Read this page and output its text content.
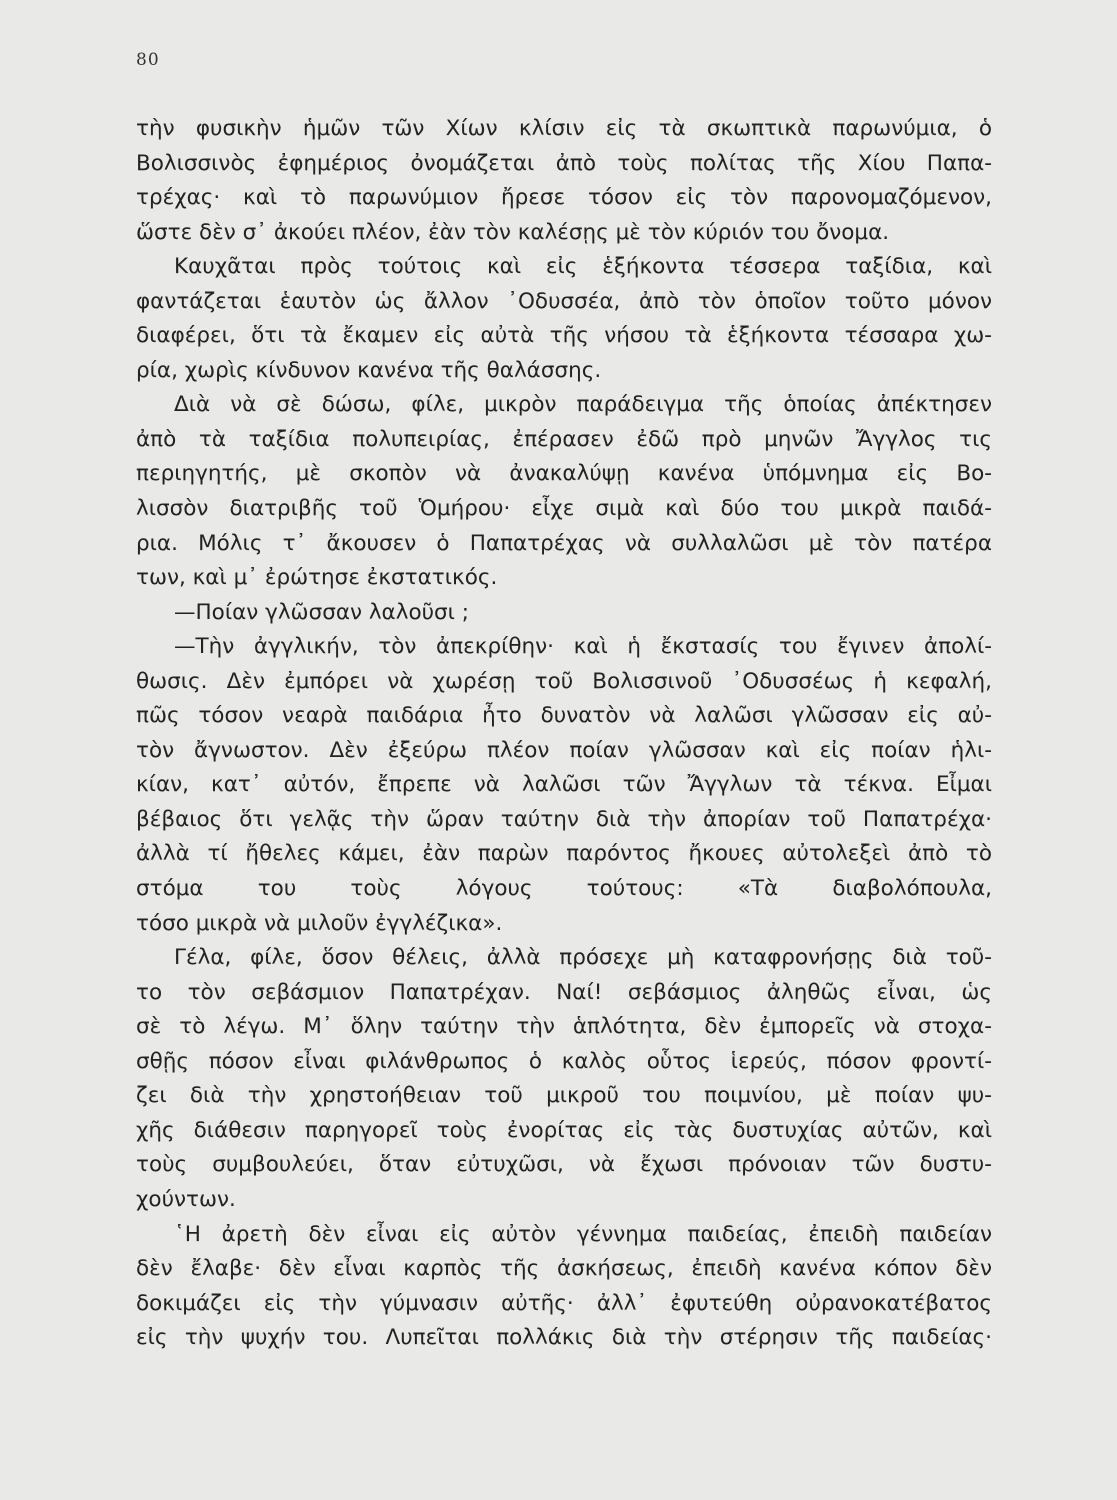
80
τὴν φυσικὴν ἡμῶν τῶν Χίων κλίσιν εἰς τὰ σκωπτικὰ παρωνύμια, ὁ
Βολισσινὸς ἐφημέριος ὀνομάζεται ἀπὸ τοὺς πολίτας τῆς Χίου Παπα-
τρέχας· καὶ τὸ παρωνύμιον ἤρεσε τόσον εἰς τὸν παρονομαζόμενον,
ὥστε δὲν σ᾽ ἀκούει πλέον, ἐὰν τὸν καλέσῃς μὲ τὸν κύριόν του ὄνομα.
Καυχᾶται πρὸς τούτοις καὶ εἰς ἑξήκοντα τέσσερα ταξίδια, καὶ
φαντάζεται ἑαυτὸν ὡς ἄλλον ᾿Οδυσσέα, ἀπὸ τὸν ὁποῖον τοῦτο μόνον
διαφέρει, ὅτι τὰ ἔκαμεν εἰς αὐτὰ τῆς νήσου τὰ ἑξήκοντα τέσσαρα χω-
ρία, χωρὶς κίνδυνον κανένα τῆς θαλάσσης.
Διὰ νὰ σὲ δώσω, φίλε, μικρὸν παράδειγμα τῆς ὁποίας ἀπέκτησεν
ἀπὸ τὰ ταξίδια πολυπειρίας, ἐπέρασεν ἐδῶ πρὸ μηνῶν Ἄγγλος τις
περιηγητής, μὲ σκοπὸν νὰ ἀνακαλύψῃ κανένα ὑπόμνημα εἰς Βο-
λισσὸν διατριβῆς τοῦ Ὁμήρου· εἶχε σιμὰ καὶ δύο του μικρὰ παιδά-
ρια. Μόλις τ᾽ ἄκουσεν ὁ Παπατρέχας νὰ συλλαλῶσι μὲ τὸν πατέρα
των, καὶ μ᾽ ἐρώτησε ἐκστατικός.
—Ποίαν γλῶσσαν λαλοῦσι ;
—Τὴν ἀγγλικήν, τὸν ἀπεκρίθην· καὶ ἡ ἔκστασίς του ἔγινεν ἀπολί-
θωσις. Δὲν ἐμπόρει νὰ χωρέσῃ τοῦ Βολισσινοῦ ᾿Οδυσσέως ἡ κεφαλή,
πῶς τόσον νεαρὰ παιδάρια ἦτο δυνατὸν νὰ λαλῶσι γλῶσσαν εἰς αὐ-
τὸν ἄγνωστον. Δὲν ἐξεύρω πλέον ποίαν γλῶσσαν καὶ εἰς ποίαν ἡλι-
κίαν, κατ᾽ αὐτόν, ἔπρεπε νὰ λαλῶσι τῶν Ἄγγλων τὰ τέκνα. Εἶμαι
βέβαιος ὅτι γελᾷς τὴν ὥραν ταύτην διὰ τὴν ἀπορίαν τοῦ Παπατρέχα·
ἀλλὰ τί ἤθελες κάμει, ἐὰν παρὼν παρόντος ἤκουες αὐτολεξεὶ ἀπὸ τὸ
στόμα του τοὺς λόγους τούτους: «Τὰ διαβολόπουλα,
τόσο μικρὰ νὰ μιλοῦν ἐγγλέζικα».
Γέλα, φίλε, ὅσον θέλεις, ἀλλὰ πρόσεχε μὴ καταφρονήσῃς διὰ τοῦ-
το τὸν σεβάσμιον Παπατρέχαν. Ναί! σεβάσμιος ἀληθῶς εἶναι, ὡς
σὲ τὸ λέγω. Μ᾽ ὅλην ταύτην τὴν ἁπλότητα, δὲν ἐμπορεῖς νὰ στοχα-
σθῇς πόσον εἶναι φιλάνθρωπος ὁ καλὸς οὗτος ἱερεύς, πόσον φροντί-
ζει διὰ τὴν χρηστοήθειαν τοῦ μικροῦ του ποιμνίου, μὲ ποίαν ψυ-
χῆς διάθεσιν παρηγορεῖ τοὺς ἐνορίτας εἰς τὰς δυστυχίας αὐτῶν, καὶ
τοὺς συμβουλεύει, ὅταν εὐτυχῶσι, νὰ ἔχωσι πρόνοιαν τῶν δυστυ-
χούντων.
῾Η ἀρετὴ δὲν εἶναι εἰς αὐτὸν γέννημα παιδείας, ἐπειδὴ παιδείαν
δὲν ἔλαβε· δὲν εἶναι καρπὸς τῆς ἀσκήσεως, ἐπειδὴ κανένα κόπον δὲν
δοκιμάζει εἰς τὴν γύμνασιν αὐτῆς· ἀλλ᾽ ἐφυτεύθη οὐρανοκατέβατος
εἰς τὴν ψυχήν του. Λυπεῖται πολλάκις διὰ τὴν στέρησιν τῆς παιδείας·
